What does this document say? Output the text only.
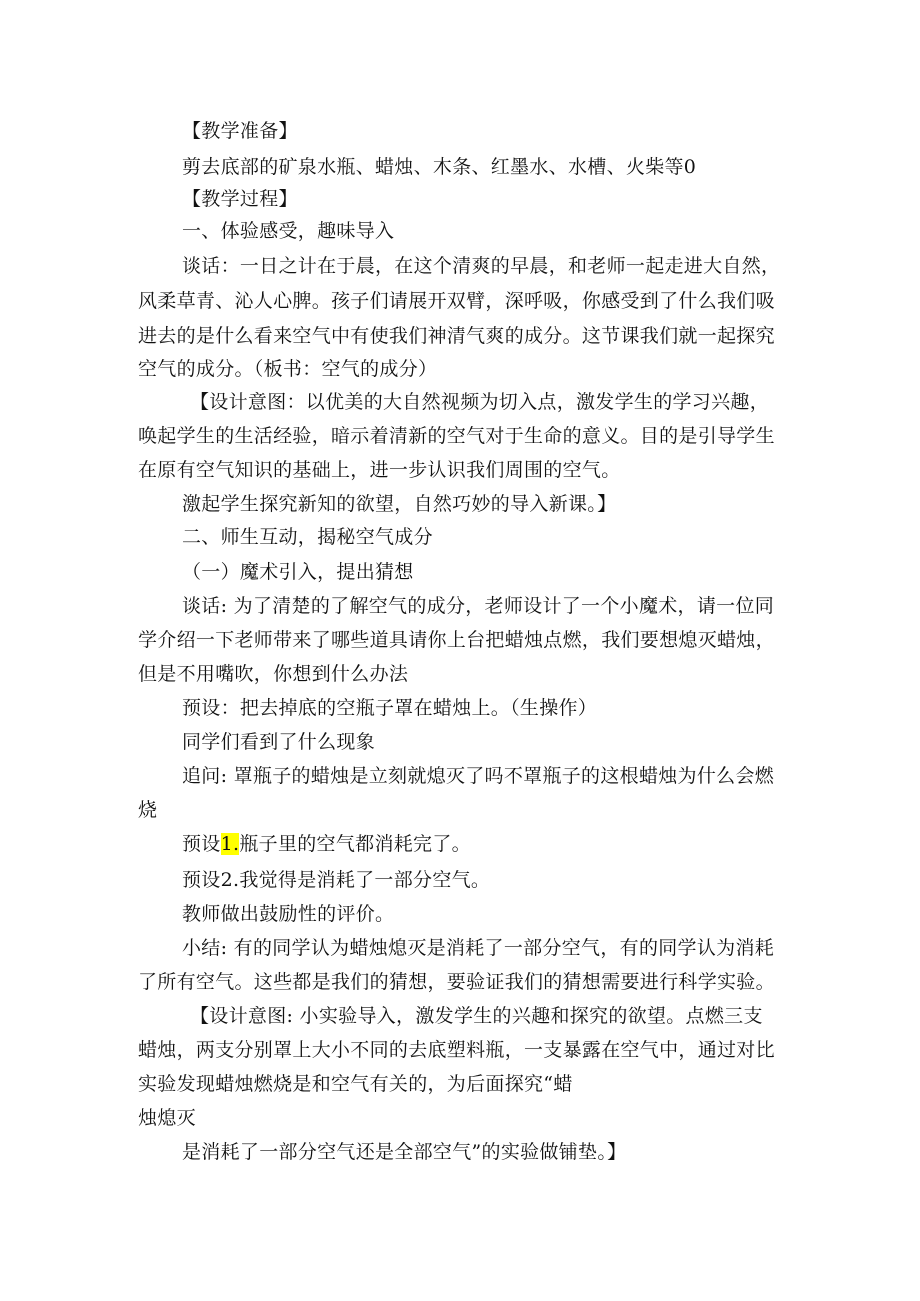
【教学准备】
剪去底部的矿泉水瓶、蜡烛、木条、红墨水、水槽、火柴等0
【教学过程】
一、体验感受，趣味导入
谈话：一日之计在于晨，在这个清爽的早晨，和老师一起走进大自然，
风柔草青、沁人心脾。孩子们请展开双臂，深呼吸，你感受到了什么我们吸
进去的是什么看来空气中有使我们神清气爽的成分。这节课我们就一起探究
空气的成分。（板书：空气的成分）
【设计意图：以优美的大自然视频为切入点，激发学生的学习兴趣，
唤起学生的生活经验，暗示着清新的空气对于生命的意义。目的是引导学生
在原有空气知识的基础上，进一步认识我们周围的空气。
激起学生探究新知的欲望，自然巧妙的导入新课。】
二、师生互动，揭秘空气成分
（一）魔术引入，提出猜想
谈话: 为了清楚的了解空气的成分，老师设计了一个小魔术，请一位同
学介绍一下老师带来了哪些道具请你上台把蜡烛点燃，我们要想熄灭蜡烛，
但是不用嘴吹，你想到什么办法
预设：把去掉底的空瓶子罩在蜡烛上。（生操作）
同学们看到了什么现象
追问: 罩瓶子的蜡烛是立刻就熄灭了吗不罩瓶子的这根蜡烛为什么会燃
烧
预设1.瓶子里的空气都消耗完了。
预设2.我觉得是消耗了一部分空气。
教师做出鼓励性的评价。
小结: 有的同学认为蜡烛熄灭是消耗了一部分空气，有的同学认为消耗
了所有空气。这些都是我们的猜想，要验证我们的猜想需要进行科学实验。
【设计意图: 小实验导入，激发学生的兴趣和探究的欲望。点燃三支
蜡烛，两支分别罩上大小不同的去底塑料瓶，一支暴露在空气中，通过对比
实验发现蜡烛燃烧是和空气有关的，为后面探究“蜡
烛熄灭
是消耗了一部分空气还是全部空气”的实验做铺垫。】
